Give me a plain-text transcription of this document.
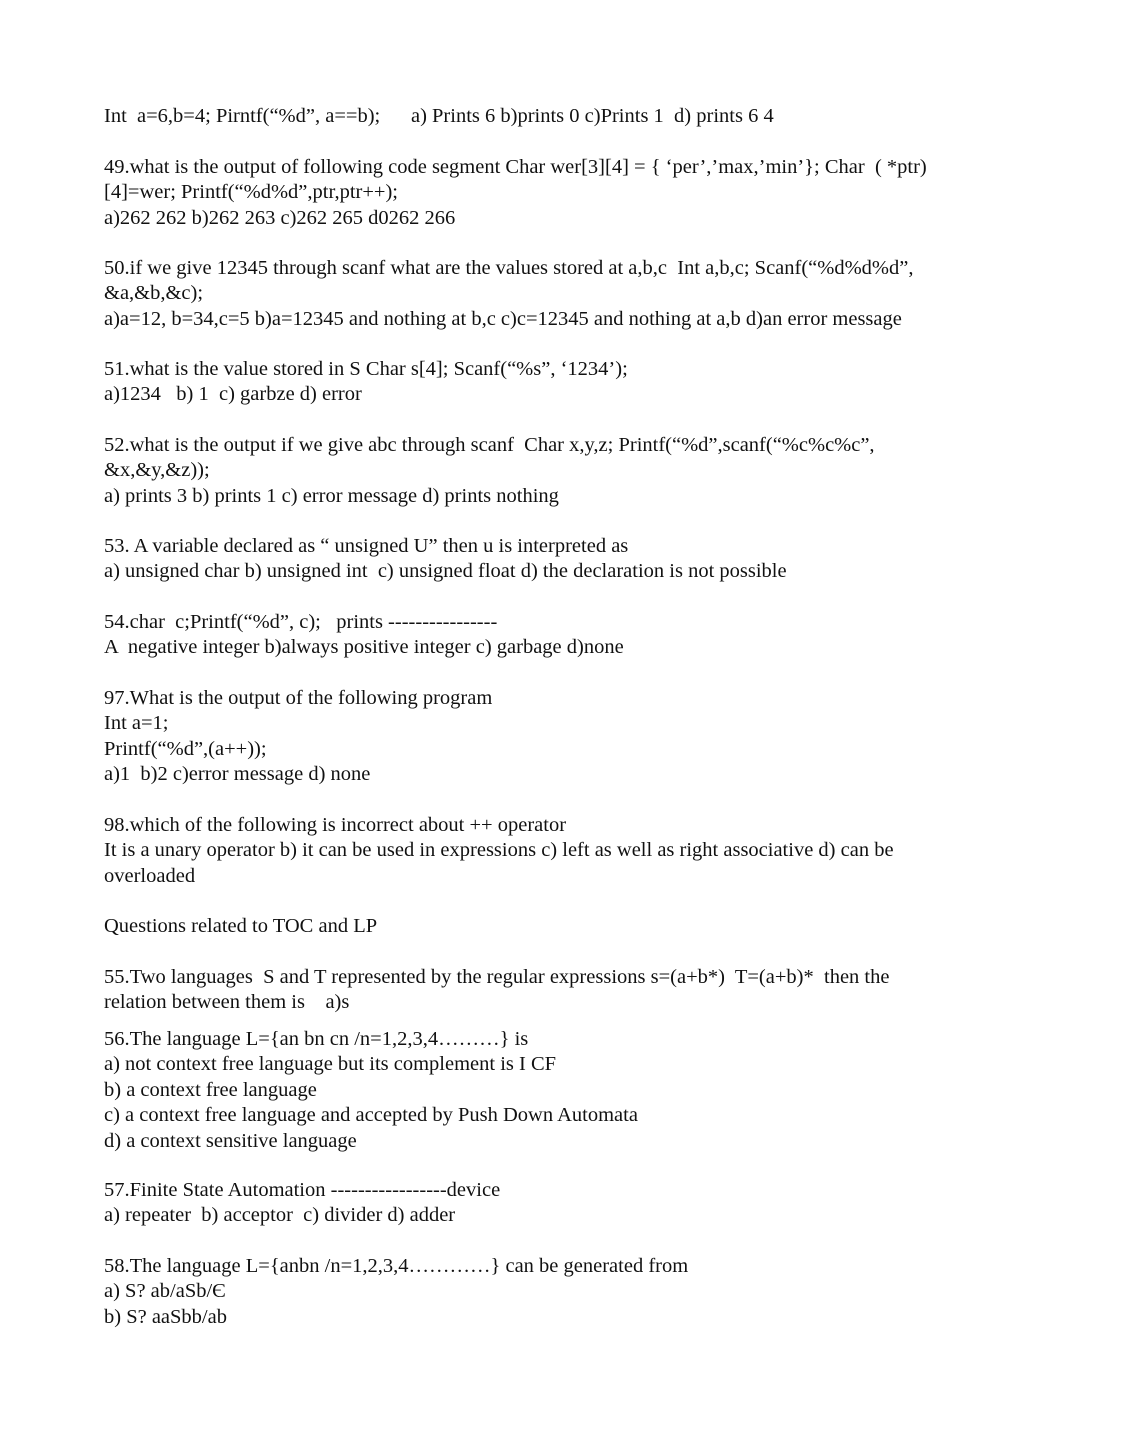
Int  a=6,b=4; Pirntf(“%d”, a==b);      a) Prints 6 b)prints 0 c)Prints 1  d) prints 6 4
49.what is the output of following code segment Char wer[3][4] = { ‘per’,’max,’min’}; Char  ( *ptr)
[4]=wer; Printf(“%d%d”,ptr,ptr++);
a)262 262 b)262 263 c)262 265 d0262 266
50.if we give 12345 through scanf what are the values stored at a,b,c  Int a,b,c; Scanf(“%d%d%d”,
&a,&b,&c);
a)a=12, b=34,c=5 b)a=12345 and nothing at b,c c)c=12345 and nothing at a,b d)an error message
51.what is the value stored in S Char s[4]; Scanf(“%s”, ‘1234’);
a)1234   b) 1  c) garbze d) error
52.what is the output if we give abc through scanf  Char x,y,z; Printf(“%d”,scanf(“%c%c%c”,
&x,&y,&z));
a) prints 3 b) prints 1 c) error message d) prints nothing
53. A variable declared as “ unsigned U” then u is interpreted as
a) unsigned char b) unsigned int  c) unsigned float d) the declaration is not possible
54.char  c;Printf(“%d”, c);   prints ----------------
A  negative integer b)always positive integer c) garbage d)none
97.What is the output of the following program
Int a=1;
Printf(“%d”,(a++));
a)1  b)2 c)error message d) none
98.which of the following is incorrect about ++ operator
It is a unary operator b) it can be used in expressions c) left as well as right associative d) can be
overloaded
Questions related to TOC and LP
55.Two languages  S and T represented by the regular expressions s=(a+b*)  T=(a+b)*  then the
relation between them is    a)s
56.The language L={an bn cn /n=1,2,3,4………} is
a) not context free language but its complement is I CF
b) a context free language
c) a context free language and accepted by Push Down Automata
d) a context sensitive language
57.Finite State Automation -----------------device
a) repeater  b) acceptor  c) divider d) adder
58.The language L={anbn /n=1,2,3,4…………} can be generated from
a) S? ab/aSb/Є
b) S? aaSbb/ab
